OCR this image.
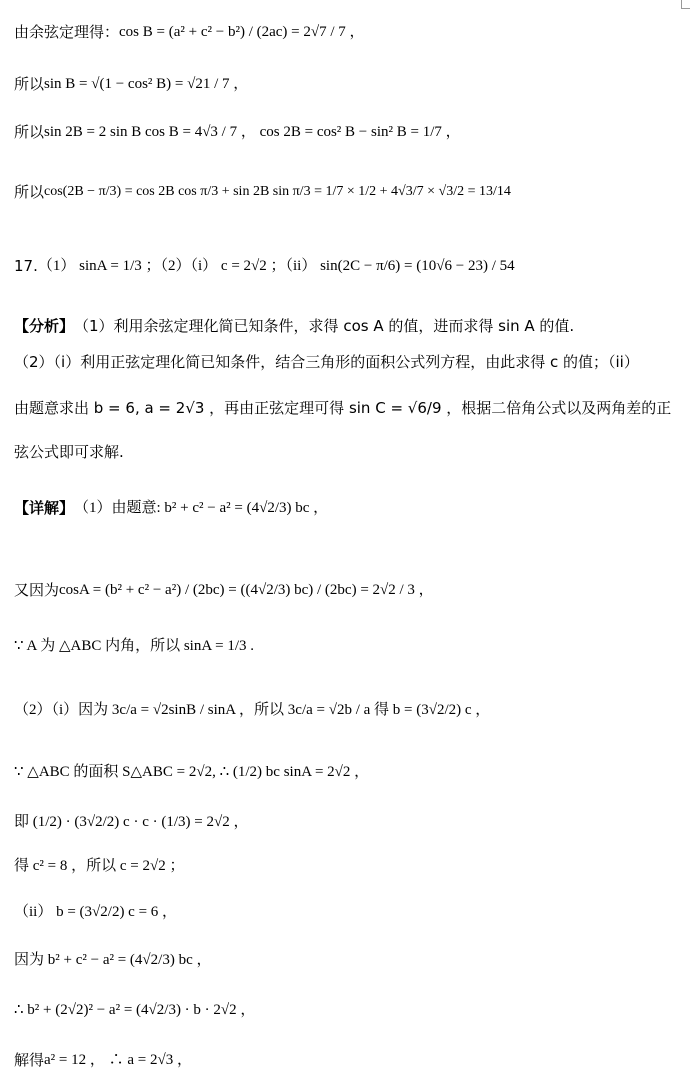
由余弦定理得： cos B = (a² + c² − b²) / (2ac) = 2√7 / 7 ，
所以 sin B = √(1 − cos² B) = √21 / 7 ，
所以 sin 2B = 2 sin B cos B = 4√3 / 7 ， cos 2B = cos² B − sin² B = 1/7 ，
所以 cos(2B − π/3) = cos 2B cos π/3 + sin 2B sin π/3 = 1/7 × 1/2 + 4√3/7 × √3/2 = 13/14
17. （1） sinA = 1/3 ；（2）（i） c = 2√2 ；（ii） sin(2C − π/6) = (10√6 − 23) / 54
【分析】 （1）利用余弦定理化简已知条件，求得 cos A 的值，进而求得 sin A 的值.
（2）（i）利用正弦定理化简已知条件，结合三角形的面积公式列方程，由此求得 c 的值；（ii）
由题意求出 b = 6, a = 2√3 ，再由正弦定理可得 sin C = √6/9 ，根据二倍角公式以及两角差的正
弦公式即可求解.
【详解】 （1）由题意: b² + c² − a² = (4√2/3) bc ，
又因为 cosA = (b² + c² − a²) / (2bc) = ((4√2/3) bc) / (2bc) = 2√2 / 3 ，
∵ A 为 △ABC 内角，所以 sinA = 1/3 .
（2）（i）因为 3c/a = √2sinB / sinA ，所以 3c/a = √2b / a 得 b = (3√2/2) c ，
∵ △ABC 的面积 S△ABC = 2√2, ∴ (1/2) bc sinA = 2√2 ，
即 (1/2) · (3√2/2) c · c · (1/3) = 2√2 ，
得 c² = 8 ，所以 c = 2√2 ；
（ii） b = (3√2/2) c = 6 ，
因为 b² + c² − a² = (4√2/3) bc ，
∴ b² + (2√2)² − a² = (4√2/3) · b · 2√2 ，
解得 a² = 12 ， ∴ a = 2√3 ，
